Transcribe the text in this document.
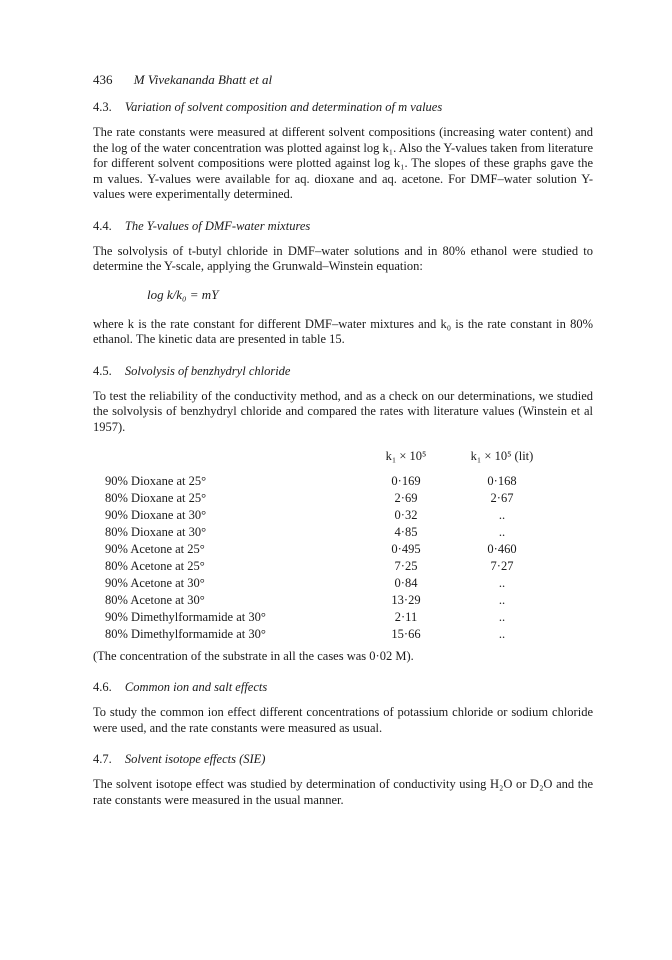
436 M Vivekananda Bhatt et al
4.3. Variation of solvent composition and determination of m values

The rate constants were measured at different solvent compositions (increasing water content) and the log of the water concentration was plotted against log k₁. Also the Y-values taken from literature for different solvent compositions were plotted against log k₁. The slopes of these graphs gave the m values. Y-values were available for aq. dioxane and aq. acetone. For DMF–water solution Y-values were experimentally determined.

4.4. The Y-values of DMF-water mixtures

The solvolysis of t-butyl chloride in DMF–water solutions and in 80% ethanol were studied to determine the Y-scale, applying the Grunwald–Winstein equation:

log k/k₀ = mY

where k is the rate constant for different DMF–water mixtures and k₀ is the rate constant in 80% ethanol. The kinetic data are presented in table 15.

4.5. Solvolysis of benzhydryl chloride

To test the reliability of the conductivity method, and as a check on our determinations, we studied the solvolysis of benzhydryl chloride and compared the rates with literature values (Winstein et al 1957).

	k₁ × 10⁵	k₁ × 10⁵ (lit)
90% Dioxane at 25°	0·169	0·168
80% Dioxane at 25°	2·69	2·67
90% Dioxane at 30°	0·32	..
80% Dioxane at 30°	4·85	..
90% Acetone at 25°	0·495	0·460
80% Acetone at 25°	7·25	7·27
90% Acetone at 30°	0·84	..
80% Acetone at 30°	13·29	..
90% Dimethylformamide at 30°	2·11	..
80% Dimethylformamide at 30°	15·66	..
(The concentration of the substrate in all the cases was 0·02 M).
4.6. Common ion and salt effects

To study the common ion effect different concentrations of potassium chloride or sodium chloride were used, and the rate constants were measured as usual.

4.7. Solvent isotope effects (SIE)

The solvent isotope effect was studied by determination of conductivity using H₂O or D₂O and the rate constants were measured in the usual manner.
